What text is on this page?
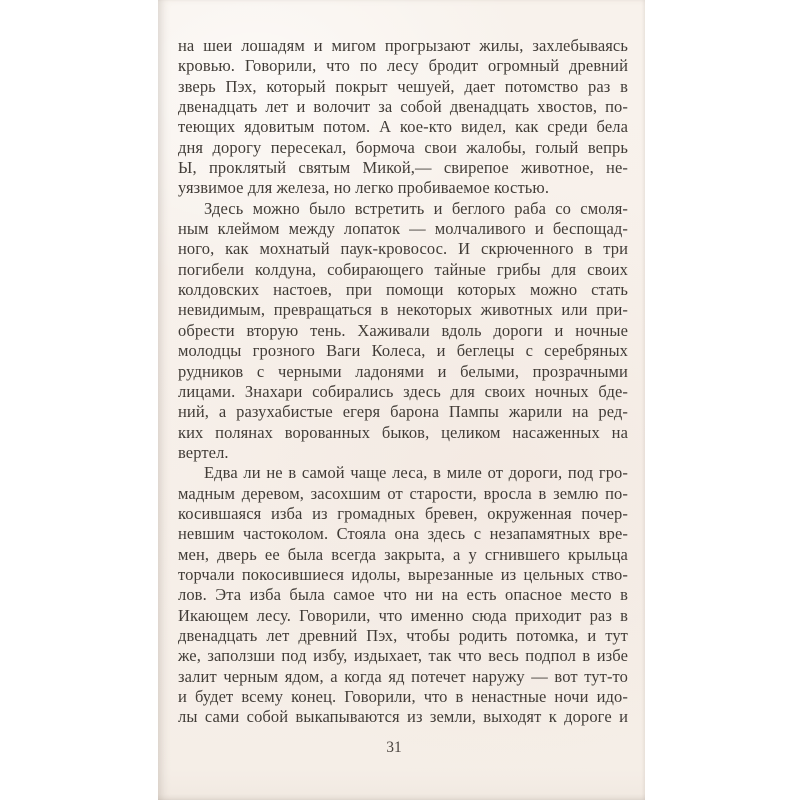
на шеи лошадям и мигом прогрызают жилы, захлебываясь
кровью. Говорили, что по лесу бродит огромный древний
зверь Пэх, который покрыт чешуей, дает потомство раз в
двенадцать лет и волочит за собой двенадцать хвостов, по-
теющих ядовитым потом. А кое-кто видел, как среди бела
дня дорогу пересекал, бормоча свои жалобы, голый вепрь
Ы, проклятый святым Микой,— свирепое животное, не-
уязвимое для железа, но легко пробиваемое костью.
Здесь можно было встретить и беглого раба со смоля-
ным клеймом между лопаток — молчаливого и беспощад-
ного, как мохнатый паук-кровосос. И скрюченного в три
погибели колдуна, собирающего тайные грибы для своих
колдовских настоев, при помощи которых можно стать
невидимым, превращаться в некоторых животных или при-
обрести вторую тень. Хаживали вдоль дороги и ночные
молодцы грозного Ваги Колеса, и беглецы с серебряных
рудников с черными ладонями и белыми, прозрачными
лицами. Знахари собирались здесь для своих ночных бде-
ний, а разухабистые егеря барона Пампы жарили на ред-
ких полянах ворованных быков, целиком насаженных на
вертел.
Едва ли не в самой чаще леса, в миле от дороги, под гро-
мадным деревом, засохшим от старости, вросла в землю по-
косившаяся изба из громадных бревен, окруженная почер-
невшим частоколом. Стояла она здесь с незапамятных вре-
мен, дверь ее была всегда закрыта, а у сгнившего крыльца
торчали покосившиеся идолы, вырезанные из цельных ство-
лов. Эта изба была самое что ни на есть опасное место в
Икающем лесу. Говорили, что именно сюда приходит раз в
двенадцать лет древний Пэх, чтобы родить потомка, и тут
же, заползши под избу, издыхает, так что весь подпол в избе
залит черным ядом, а когда яд потечет наружу — вот тут-то
и будет всему конец. Говорили, что в ненастные ночи идо-
лы сами собой выкапываются из земли, выходят к дороге и
31
